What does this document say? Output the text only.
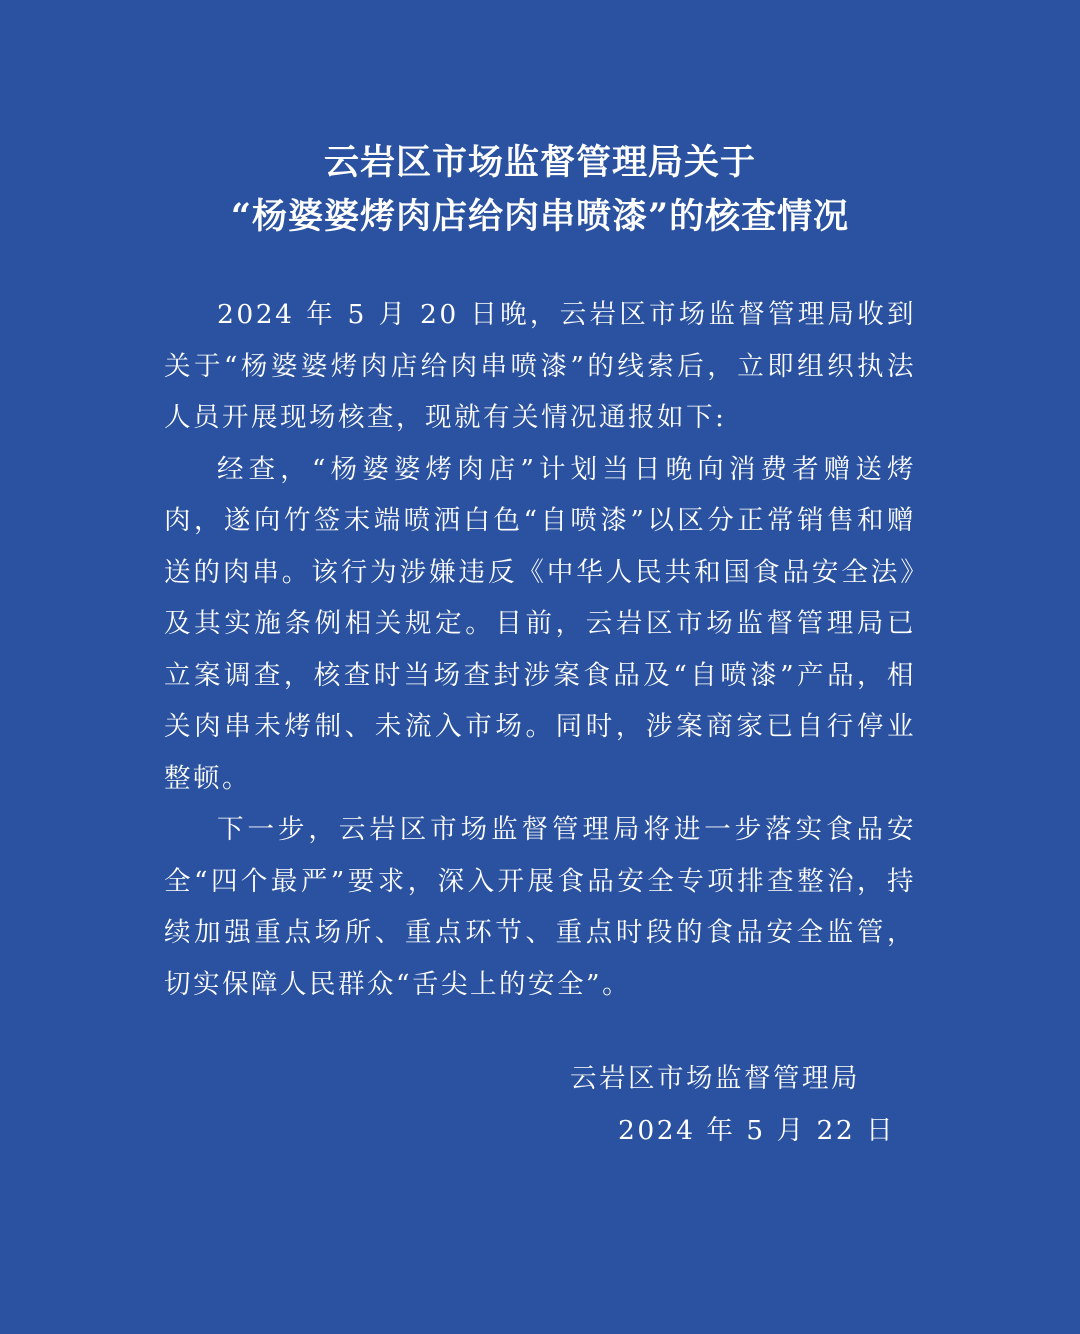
云岩区市场监督管理局关于
“杨婆婆烤肉店给肉串喷漆”的核查情况

2024 年 5 月 20 日晚，云岩区市场监督管理局收到关于“杨婆婆烤肉店给肉串喷漆”的线索后，立即组织执法人员开展现场核查，现就有关情况通报如下:

经查，“杨婆婆烤肉店”计划当日晚向消费者赠送烤肉，遂向竹签末端喷洒白色“自喷漆”以区分正常销售和赠送的肉串。该行为涉嫌违反《中华人民共和国食品安全法》及其实施条例相关规定。目前，云岩区市场监督管理局已立案调查，核查时当场查封涉案食品及“自喷漆”产品，相关肉串未烤制、未流入市场。同时，涉案商家已自行停业整顿。

下一步，云岩区市场监督管理局将进一步落实食品安全“四个最严”要求，深入开展食品安全专项排查整治，持续加强重点场所、重点环节、重点时段的食品安全监管，切实保障人民群众“舌尖上的安全”。

云岩区市场监督管理局
2024 年 5 月 22 日
